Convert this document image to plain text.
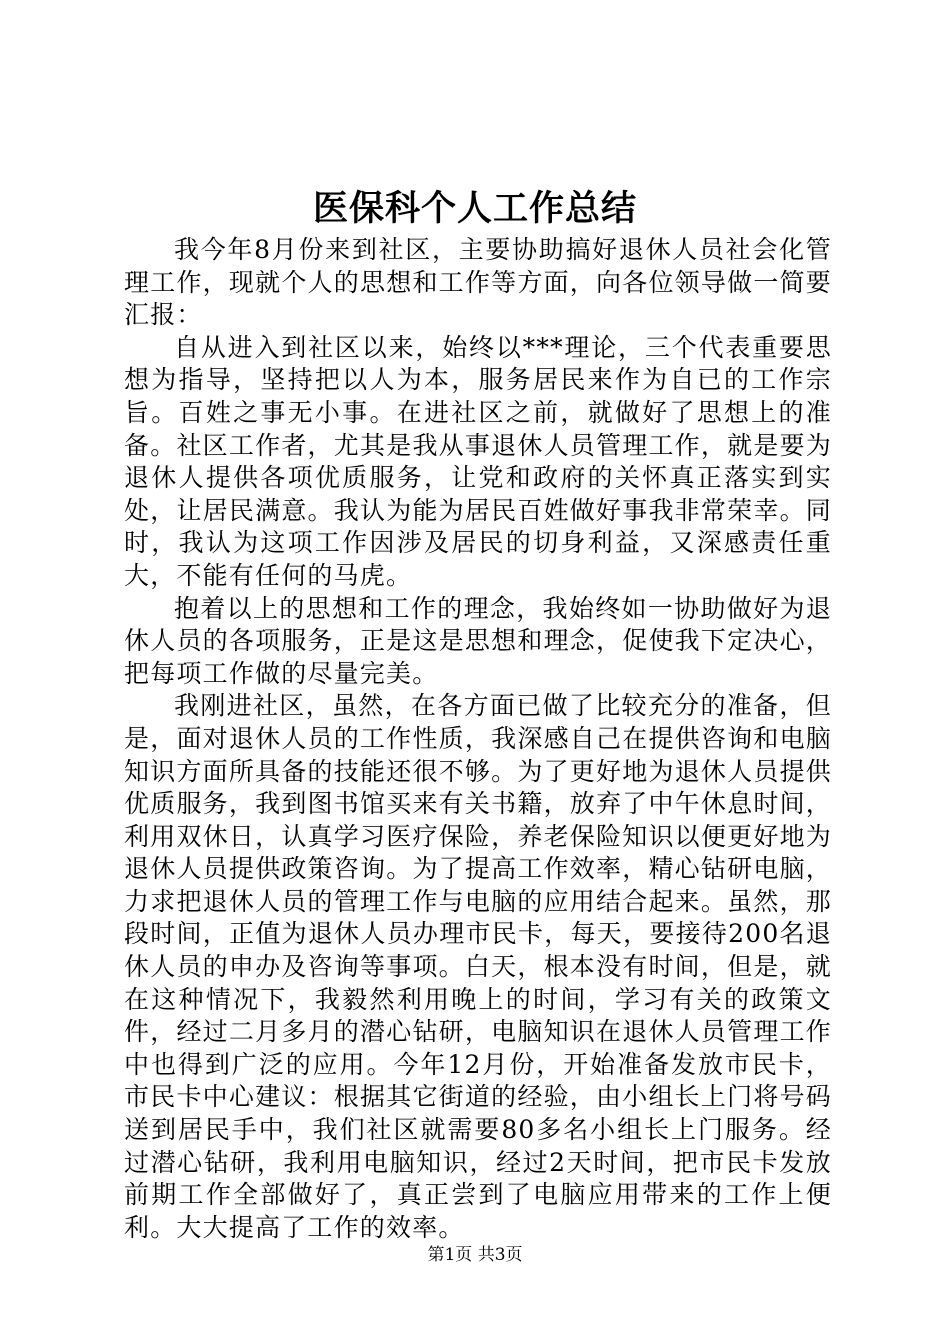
医保科个人工作总结

我今年8月份来到社区，主要协助搞好退休人员社会化管理工作，现就个人的思想和工作等方面，向各位领导做一简要汇报：

自从进入到社区以来，始终以***理论，三个代表重要思想为指导，坚持把以人为本，服务居民来作为自已的工作宗旨。百姓之事无小事。在进社区之前，就做好了思想上的准备。社区工作者，尤其是我从事退休人员管理工作，就是要为退休人提供各项优质服务，让党和政府的关怀真正落实到实处，让居民满意。我认为能为居民百姓做好事我非常荣幸。同时，我认为这项工作因涉及居民的切身利益，又深感责任重大，不能有任何的马虎。

抱着以上的思想和工作的理念，我始终如一协助做好为退休人员的各项服务，正是这是思想和理念，促使我下定决心，把每项工作做的尽量完美。

我刚进社区，虽然，在各方面已做了比较充分的准备，但是，面对退休人员的工作性质，我深感自己在提供咨询和电脑知识方面所具备的技能还很不够。为了更好地为退休人员提供优质服务，我到图书馆买来有关书籍，放弃了中午休息时间，利用双休日，认真学习医疗保险，养老保险知识以便更好地为退休人员提供政策咨询。为了提高工作效率，精心钻研电脑，力求把退休人员的管理工作与电脑的应用结合起来。虽然，那段时间，正值为退休人员办理市民卡，每天，要接待200名退休人员的申办及咨询等事项。白天，根本没有时间，但是，就在这种情况下，我毅然利用晚上的时间，学习有关的政策文件，经过二月多月的潜心钻研，电脑知识在退休人员管理工作中也得到广泛的应用。今年12月份，开始准备发放市民卡，市民卡中心建议：根据其它街道的经验，由小组长上门将号码送到居民手中，我们社区就需要80多名小组长上门服务。经过潜心钻研，我利用电脑知识，经过2天时间，把市民卡发放前期工作全部做好了，真正尝到了电脑应用带来的工作上便利。大大提高了工作的效率。

第1页 共3页
